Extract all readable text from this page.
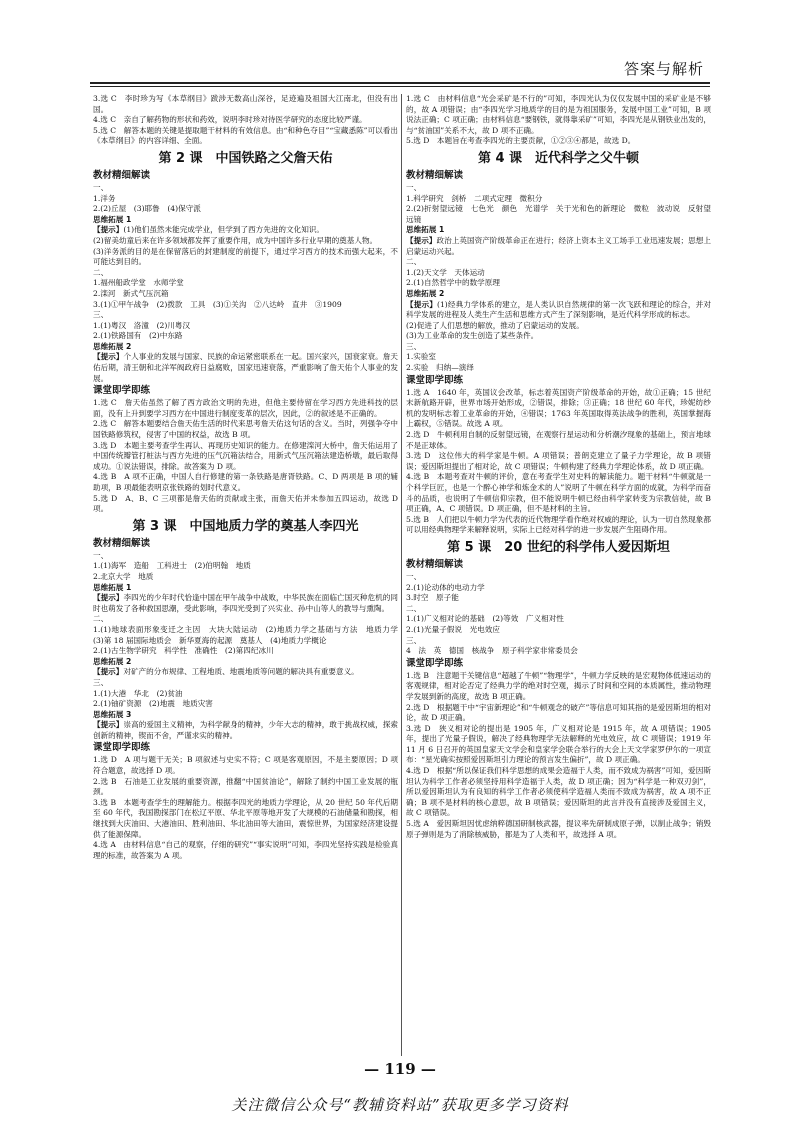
答案与解析

3.选 C　李时珍为写《本草纲目》跋涉无数高山深谷，足迹遍及祖国大江南北，但没有出国。

4.选 C　亲自了解药物的形状和药效，说明李时珍对待医学研究的态度比较严谨。

5.选 C　解答本题的关键是提取题干材料的有效信息。由“和种色夺目”“宝藏悉陈”可以看出《本草纲目》的内容详细、全面。

第 2 课　中国铁路之父詹天佑

教材精细解读

一、

1.洋务

2.(2)丘屋　(3)耶鲁　(4)保守派

思维拓展 1

【提示】(1)他们虽然未能完成学业，但学到了西方先进的文化知识。

(2)留美幼童后来在许多领域都发挥了重要作用，成为中国许多行业早期的奠基人物。

(3)洋务派的目的是在保留落后的封建制度的前提下，通过学习西方的技术而强大起来，不可能达到目的。

二、

1.福州船政学堂　水师学堂

2.滦河　新式气压沉箱

3.(1)①甲午战争　(2)拨款　工具　(3)①关沟　②八达岭　直井　③1909

三、

1.(1)粤汉　洛潼　(2)川粤汉

2.(1)铁路国有　(2)中东路

思维拓展 2

【提示】个人事业的发展与国家、民族的命运紧密联系在一起。国兴家兴，国衰家衰。詹天佑后期，清王朝和北洋军阀政府日益腐败，国家迅速衰落，严重影响了詹天佑个人事业的发展。

课堂即学即练

1.选 C　詹天佑虽然了解了西方政治文明的先进，但他主要侍留在学习西方先进科技的层面，没有上升到要学习西方在中国进行制度变革的层次，因此，②的叙述是不正确的。

2.选 C　解答本题要结合詹天佑生活的时代来思考詹天佑这句话的含义。当时，列强争夺中国铁路修筑权，侵害了中国的权益，故选 B 项。

3.选 D　本题主要考查学生再认、再现历史知识的能力。在修建滦河大桥中，詹天佑运用了中国传统瓣管打桩法与西方先进的压气沉箱法结合，用新式气压沉箱法建造桥墩，最后取得成功。①说法错误，排除。故答案为 D 项。

4.选 B　A 项不正确，中国人自行修建的第一条铁路是唐胥铁路。C、D 两项是 B 项的辅助项，B 项最能表明京张铁路的划时代意义。

5.选 D　A、B、C 三项都是詹天佑的贡献或主张，而詹天佑并未参加五四运动，故选 D 项。

第 3 课　中国地质力学的奠基人李四光

教材精细解读

一、

1.(1)海军　造船　工科进士　(2)伯明翰　地质

2.北京大学　地质

思维拓展 1

【提示】李四光的少年时代恰逢中国在甲午战争中战败，中华民族在面临亡国灭种危机的同时也萌发了各种救国思潮，受此影响，李四光受到了兴实业、孙中山等人的教导与熏陶。

二、

1.(1)地球表面形象变迁之主因　大块大陆运动　(2)地质力学之基础与方法　地质力学　(3)第 18 届国际地质会　新华夏海的起源　奠基人　(4)地质力学概论

2.(1)古生物学研究　科学性　准确性　(2)第四纪冰川

思维拓展 2

【提示】对矿产的分布规律、工程地质、地震地质等问题的解决具有重要意义。

三、

1.(1)大港　华北　(2)贫油

2.(1)铀矿资源　(2)地震　地质灾害

思维拓展 3

【提示】崇高的爱国主义精神，为科学献身的精神，少年大志的精神，敢于挑战权威，探索创新的精神，锲而不舍，严谨求实的精神。

课堂即学即练

1.选 D　A 项与题干无关；B 项叙述与史实不符；C 项是客观原因，不是主要原因；D 项符合题意，故选择 D 项。

2.选 B　石油是工业发展的重要资源，推翻“中国贫油论”，解除了制约中国工业发展的瓶颈。

3.选 B　本题考查学生的理解能力。根据李四光的地质力学理论，从 20 世纪 50 年代后期至 60 年代，我国勘探部门在松辽平原、华北平原等地开发了大规模的石油储量和勘探，相继找到大庆油田、大港油田、胜利油田、华北油田等大油田，震惊世界，为国家经济建设提供了能源保障。

4.选 A　由材料信息“自己的观察，仔细的研究”“事实说明”可知，李四光坚持实践是检验真理的标准，故答案为 A 项。

1.选 C　由材料信息“光会采矿是不行的”可知，李四光认为仅仅发展中国的采矿业是不够的，故 A 项错误；由“李四光学习地质学的目的是为祖国服务，发展中国工业”可知，B 项说法正确；C 项正确；由材料信息“要钢铁，就得靠采矿”可知，李四光是从钢铁业出发的，与“贫油国”关系不大，故 D 项不正确。

5.选 D　本题旨在考查李四光的主要贡献，①②③④都是，故选 D。

第 4 课　近代科学之父牛顿

教材精细解读

一、

1.科学研究　剑桥　二项式定理　微积分

2.(2)折射望远镜　七色光　颜色　光谱学　关于光和色的新理论　微粒　波动说　反射望远镜

思维拓展 1

【提示】政治上英国资产阶级革命正在进行；经济上资本主义工场手工业迅速发展；思想上启蒙运动兴起。

二、

1.(2)天文学　天体运动

2.(1)自然哲学中的数学原理

思维拓展 2

【提示】(1)经典力学体系的建立，是人类认识自然规律的第一次飞跃和理论的综合，并对科学发展的进程及人类生产生活和思维方式产生了深刻影响，是近代科学形成的标志。

(2)促进了人们思想的解放，推动了启蒙运动的发展。

(3)为工业革命的发生创造了某些条件。

三、

1.实验室

2.实验　归纳—演绎

课堂即学即练

1.选 A　1640 年，英国议会改革，标志着英国资产阶级革命的开始，故①正确；15 世纪末新航路开辟，世界市场开始形成，②错误，排除；③正确；18 世纪 60 年代，珍妮纺纱机的发明标志着工业革命的开始，④错误；1763 年英国取得英法战争的胜利，英国掌握海上霸权，⑤错误。故选 A 项。

2.选 D　牛顿利用自制的反射望远镜，在观察行星运动和分析潮汐现象的基础上，预言地球不是正球体。

3.选 D　这位伟大的科学家是牛顿。A 项错误；普朗克建立了量子力学理论，故 B 项错误；爱因斯坦提出了相对论，故 C 项错误；牛顿构建了经典力学理论体系，故 D 项正确。

4.选 B　本题考查对牛顿的评价，意在考查学生对史料的解读能力。题干材料“牛顿就是一个科学巨匠，也是一个醉心神学和炼金术的人”说明了牛顿在科学方面的成就，为科学而奋斗的品质，也说明了牛顿信仰宗教，但不能说明牛顿已经由科学家转变为宗教信徒，故 B 项正确，A、C 项错误。D 项正确，但不是材料的主旨。

5.选 B　人们把以牛顿力学为代表的近代物理学看作绝对权威的理论，认为一切自然现象都可以用经典物理学来解释说明，实际上已经对科学的进一步发展产生阻碍作用。

第 5 课　20 世纪的科学伟人爱因斯坦

教材精细解读

一、

2.(1)论动体的电动力学

3.时空　原子能

二、

1.(1)广义相对论的基础　(2)等效　广义相对性

2.(1)光量子假说　光电效应

三、

4　法　英　德国　核战争　原子科学家非常委员会

课堂即学即练

1.选 B　注意题干关键信息“超越了牛顿”“物理学”，牛顿力学反映的是宏观物体低速运动的客观规律，相对论否定了经典力学的绝对时空观，揭示了时间和空间的本质属性，推动物理学发展到新的高度，故选 B 项正确。

2.选 D　根据题干中“宇宙新理论”和“牛顿观念的破产”等信息可知其指的是爱因斯坦的相对论，故 D 项正确。

3.选 D　狭义相对论的提出是 1905 年，广义相对论是 1915 年，故 A 项错误；1905 年，提出了光量子假说，解决了经典物理学无法解释的光电效应，故 C 项错误；1919 年 11 月 6 日召开的英国皇家天文学会和皇家学会联合举行的大会上天文学家罗伊尔的一项宣布：“星光确实按照爱因斯坦引力理论的预言发生偏折”，故 D 项正确。

4.选 D　根据“所以保证我们科学思想的成果会造福于人类，而不致成为祸害”可知，爱因斯坦认为科学工作者必须坚持用科学造福于人类，故 D 项正确；因为“科学是一种双刃剑”，所以爱因斯坦认为有良知的科学工作者必须使科学造福人类而不致成为祸害，故 A 项不正确；B 项不是材料的核心意思，故 B 项错误；爱因斯坦的此言并没有直接涉及爱国主义，故 C 项错误。

5.选 A　爱因斯坦因忧虑纳粹德国研制核武器，提议率先研制成原子弹，以制止战争；销毁原子弹则是为了消除核威胁，都是为了人类和平，故选择 A 项。

— 119 —
关注微信公众号“教辅资料站”获取更多学习资料
